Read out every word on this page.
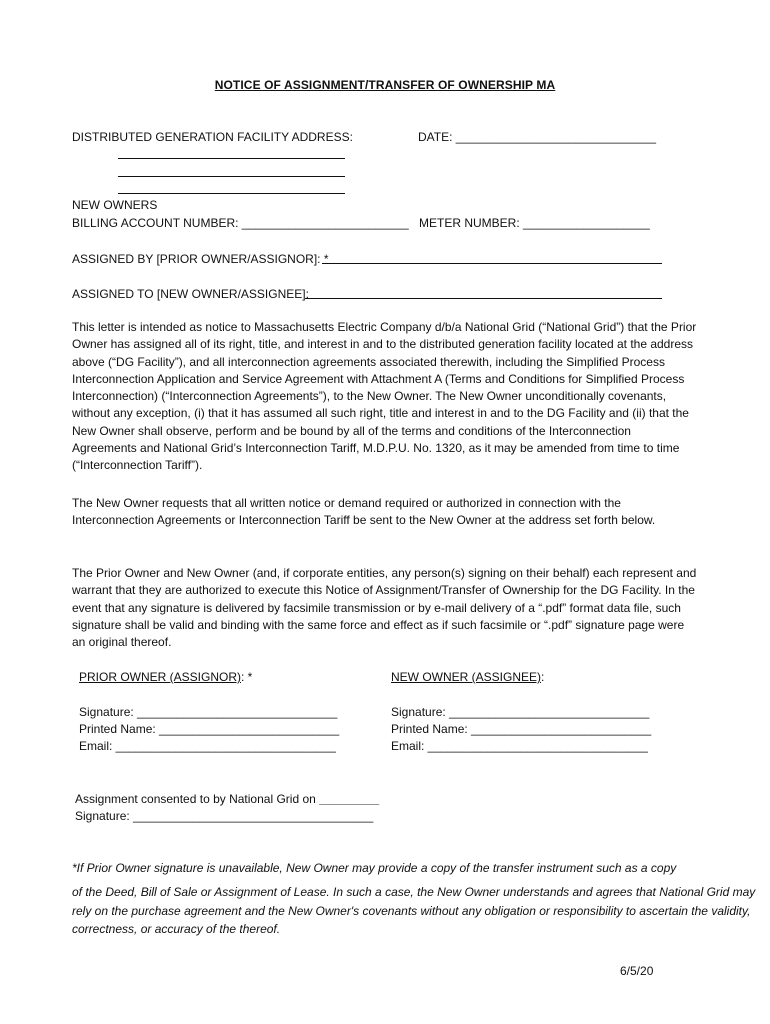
NOTICE OF ASSIGNMENT/TRANSFER OF OWNERSHIP MA
DISTRIBUTED GENERATION FACILITY ADDRESS:	DATE: ______________________________
NEW OWNERS
BILLING ACCOUNT NUMBER: _________________________ METER NUMBER: ___________________
ASSIGNED BY [PRIOR OWNER/ASSIGNOR]: *
ASSIGNED TO [NEW OWNER/ASSIGNEE]:
This letter is intended as notice to Massachusetts Electric Company d/b/a National Grid (“National Grid”) that the Prior Owner has assigned all of its right, title, and interest in and to the distributed generation facility located at the address above (“DG Facility”), and all interconnection agreements associated therewith, including the Simplified Process Interconnection Application and Service Agreement with Attachment A (Terms and Conditions for Simplified Process Interconnection) (“Interconnection Agreements”), to the New Owner. The New Owner unconditionally covenants, without any exception, (i) that it has assumed all such right, title and interest in and to the DG Facility and (ii) that the New Owner shall observe, perform and be bound by all of the terms and conditions of the Interconnection Agreements and National Grid’s Interconnection Tariff, M.D.P.U. No. 1320, as it may be amended from time to time (“Interconnection Tariff”).
The New Owner requests that all written notice or demand required or authorized in connection with the Interconnection Agreements or Interconnection Tariff be sent to the New Owner at the address set forth below.
The Prior Owner and New Owner (and, if corporate entities, any person(s) signing on their behalf) each represent and warrant that they are authorized to execute this Notice of Assignment/Transfer of Ownership for the DG Facility. In the event that any signature is delivered by facsimile transmission or by e-mail delivery of a “.pdf” format data file, such signature shall be valid and binding with the same force and effect as if such facsimile or “.pdf” signature page were an original thereof.
PRIOR OWNER (ASSIGNOR): *	NEW OWNER (ASSIGNEE):
Signature: ______________________________
Printed Name: ___________________________
Email: _________________________________
Signature: ______________________________
Printed Name: ___________________________
Email: _________________________________
Assignment consented to by National Grid on _________
Signature: ____________________________________
*If Prior Owner signature is unavailable, New Owner may provide a copy of the transfer instrument such as a copy
of the Deed, Bill of Sale or Assignment of Lease. In such a case, the New Owner understands and agrees that National Grid may rely on the purchase agreement and the New Owner's covenants without any obligation or responsibility to ascertain the validity, correctness, or accuracy of the thereof.
6/5/20
